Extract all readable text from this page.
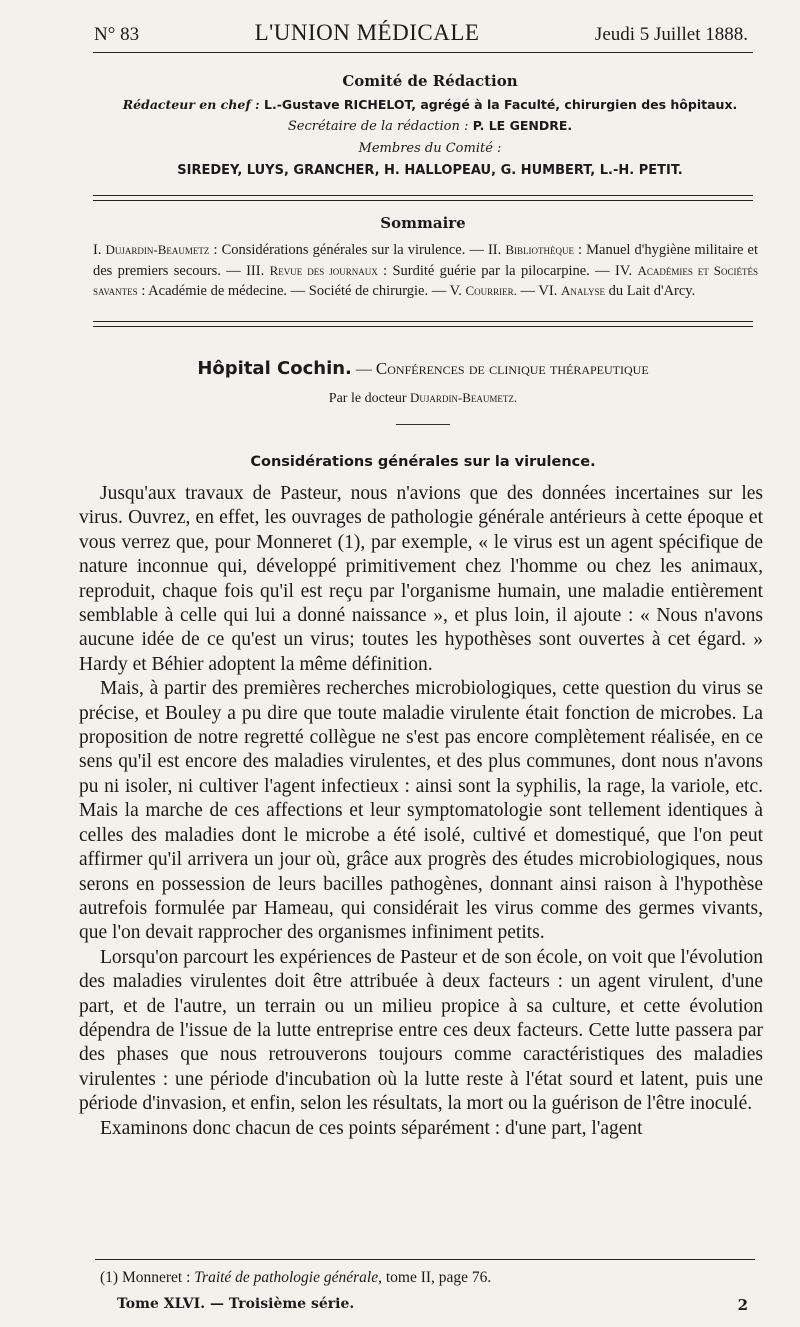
N° 83	L'UNION MÉDICALE	Jeudi 5 Juillet 1888.
Comité de Rédaction
Rédacteur en chef : L.-Gustave RICHELOT, agrégé à la Faculté, chirurgien des hôpitaux.
Secrétaire de la rédaction : P. LE GENDRE.
Membres du Comité :
SIREDEY, LUYS, GRANCHER, H. HALLOPEAU, G. HUMBERT, L.-H. PETIT.
Sommaire
I. Dujardin-Beaumetz : Considérations générales sur la virulence. — II. Bibliothèque : Manuel d'hygiène militaire et des premiers secours. — III. Revue des journaux : Surdité guérie par la pilocarpine. — IV. Académies et Sociétés savantes : Académie de médecine. — Société de chirurgie. — V. Courrier. — VI. Analyse du Lait d'Arcy.
Hôpital Cochin. — Conférences de clinique thérapeutique
Par le docteur Dujardin-Beaumetz.
Considérations générales sur la virulence.

Jusqu'aux travaux de Pasteur, nous n'avions que des données incertaines sur les virus. Ouvrez, en effet, les ouvrages de pathologie générale antérieurs à cette époque et vous verrez que, pour Monneret (1), par exemple, « le virus est un agent spécifique de nature inconnue qui, développé primitivement chez l'homme ou chez les animaux, reproduit, chaque fois qu'il est reçu par l'organisme humain, une maladie entièrement semblable à celle qui lui a donné naissance », et plus loin, il ajoute : « Nous n'avons aucune idée de ce qu'est un virus; toutes les hypothèses sont ouvertes à cet égard. » Hardy et Béhier adoptent la même définition.

Mais, à partir des premières recherches microbiologiques, cette question du virus se précise, et Bouley a pu dire que toute maladie virulente était fonction de microbes. La proposition de notre regretté collègue ne s'est pas encore complètement réalisée, en ce sens qu'il est encore des maladies virulentes, et des plus communes, dont nous n'avons pu ni isoler, ni cultiver l'agent infectieux : ainsi sont la syphilis, la rage, la variole, etc. Mais la marche de ces affections et leur symptomatologie sont tellement identiques à celles des maladies dont le microbe a été isolé, cultivé et domestiqué, que l'on peut affirmer qu'il arrivera un jour où, grâce aux progrès des études microbiologiques, nous serons en possession de leurs bacilles pathogènes, donnant ainsi raison à l'hypothèse autrefois formulée par Hameau, qui considérait les virus comme des germes vivants, que l'on devait rapprocher des organismes infiniment petits.

Lorsqu'on parcourt les expériences de Pasteur et de son école, on voit que l'évolution des maladies virulentes doit être attribuée à deux facteurs : un agent virulent, d'une part, et de l'autre, un terrain ou un milieu propice à sa culture, et cette évolution dépendra de l'issue de la lutte entreprise entre ces deux facteurs. Cette lutte passera par des phases que nous retrouverons toujours comme caractéristiques des maladies virulentes : une période d'incubation où la lutte reste à l'état sourd et latent, puis une période d'invasion, et enfin, selon les résultats, la mort ou la guérison de l'être inoculé.

Examinons donc chacun de ces points séparément : d'une part, l'agent

(1) Monneret : Traité de pathologie générale, tome II, page 76.
Tome XLVI. — Troisième série.	2
